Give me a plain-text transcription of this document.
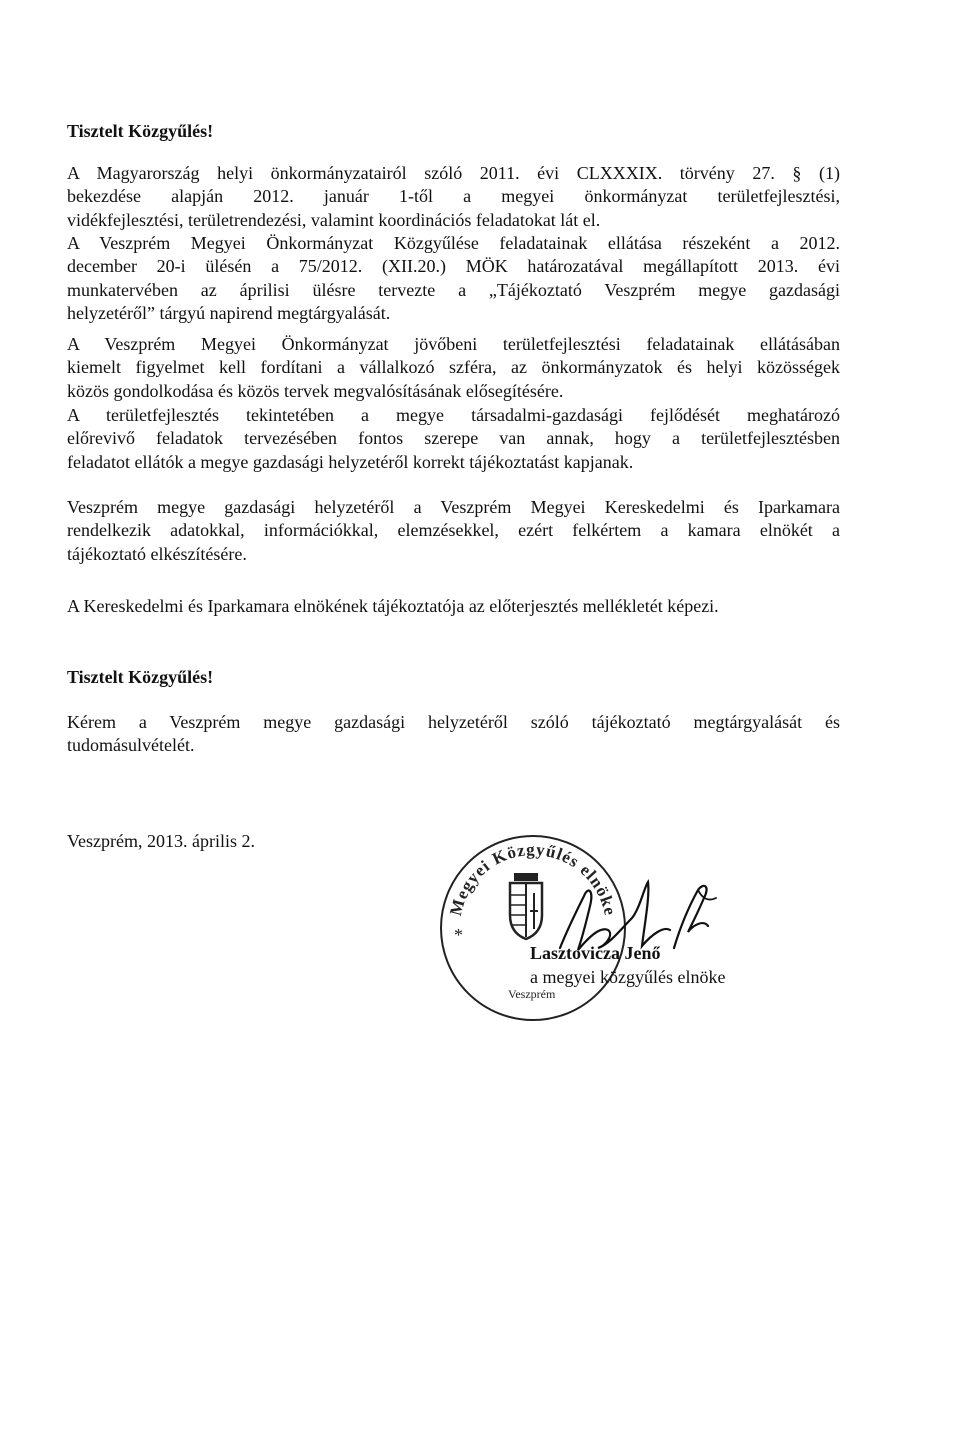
Tisztelt Közgyűlés!
A Magyarország helyi önkormányzatairól szóló 2011. évi CLXXXIX. törvény 27. § (1)
bekezdése alapján 2012. január 1-től a megyei önkormányzat területfejlesztési,
vidékfejlesztési, területrendezési, valamint koordinációs feladatokat lát el.
A Veszprém Megyei Önkormányzat Közgyűlése feladatainak ellátása részeként a 2012.
december 20-i ülésén a 75/2012. (XII.20.) MÖK határozatával megállapított 2013. évi
munkatervében az áprilisi ülésre tervezte a „Tájékoztató Veszprém megye gazdasági
helyzetéről” tárgyú napirend megtárgyalását.
A Veszprém Megyei Önkormányzat jövőbeni területfejlesztési feladatainak ellátásában
kiemelt figyelmet kell fordítani a vállalkozó szféra, az önkormányzatok és helyi közösségek
közös gondolkodása és közös tervek megvalósításának elősegítésére.
A területfejlesztés tekintetében a megye társadalmi-gazdasági fejlődését meghatározó
előrevivő feladatok tervezésében fontos szerepe van annak, hogy a területfejlesztésben
feladatot ellátók a megye gazdasági helyzetéről korrekt tájékoztatást kapjanak.
Veszprém megye gazdasági helyzetéről a Veszprém Megyei Kereskedelmi és Iparkamara
rendelkezik adatokkal, információkkal, elemzésekkel, ezért felkértem a kamara elnökét a
tájékoztató elkészítésére.
A Kereskedelmi és Iparkamara elnökének tájékoztatója az előterjesztés mellékletét képezi.
Tisztelt Közgyűlés!
Kérem a Veszprém megye gazdasági helyzetéről szóló tájékoztató megtárgyalását és
tudomásulvételét.
Veszprém, 2013. április 2.
Megyei Közgyűlés elnöke
*
Veszprém
Lasztovicza Jenő
a megyei közgyűlés elnöke
